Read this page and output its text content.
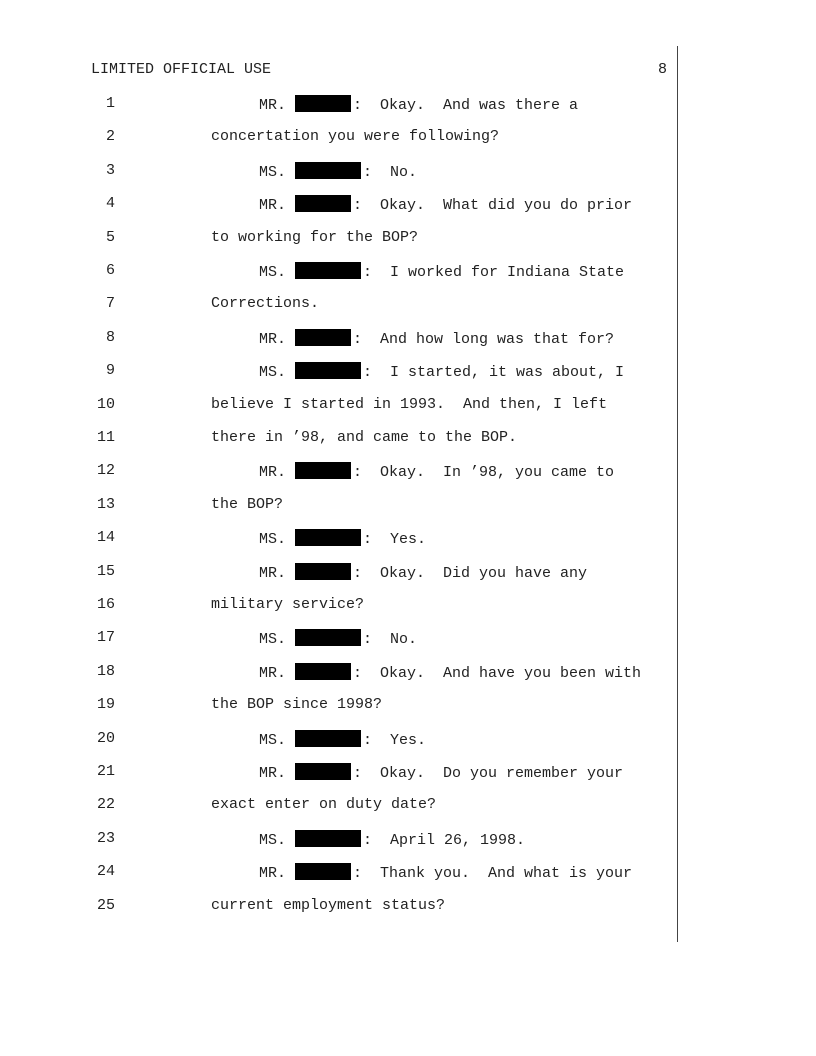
LIMITED OFFICIAL USE	8
1	MR.	:  Okay.  And was there a
2	concertation you were following?
3	MS.	:  No.
4	MR.	:  Okay.  What did you do prior
5	to working for the BOP?
6	MS.	:  I worked for Indiana State
7	Corrections.
8	MR.	:  And how long was that for?
9	MS.	:  I started, it was about, I
10	believe I started in 1993.  And then, I left
11	there in ’98, and came to the BOP.
12	MR.	:  Okay.  In ’98, you came to
13	the BOP?
14	MS.	:  Yes.
15	MR.	:  Okay.  Did you have any
16	military service?
17	MS.	:  No.
18	MR.	:  Okay.  And have you been with
19	the BOP since 1998?
20	MS.	:  Yes.
21	MR.	:  Okay.  Do you remember your
22	exact enter on duty date?
23	MS.	:  April 26, 1998.
24	MR.	:  Thank you.  And what is your
25	current employment status?
